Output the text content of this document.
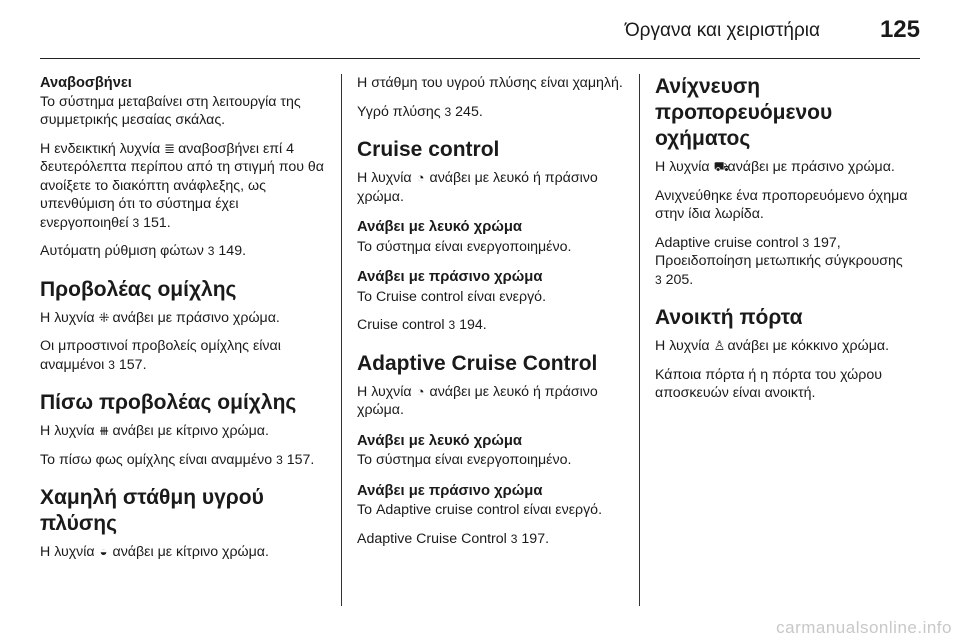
Όργανα και χειριστήρια 125
Αναβοσβήνει

Το σύστημα μεταβαίνει στη λειτουργία της συμμετρικής μεσαίας σκάλας.

Η ενδεικτική λυχνία ≣ αναβοσβήνει επί 4 δευτερόλεπτα περίπου από τη στιγμή που θα ανοίξετε το διακόπτη ανάφλεξης, ως υπενθύμιση ότι το σύστημα έχει ενεργοποιηθεί 3 151.

Αυτόματη ρύθμιση φώτων 3 149.

Προβολέας ομίχλης

Η λυχνία ⁜ ανάβει με πράσινο χρώμα.

Οι μπροστινοί προβολείς ομίχλης είναι αναμμένοι 3 157.

Πίσω προβολέας ομίχλης

Η λυχνία ⧻ ανάβει με κίτρινο χρώμα.

Το πίσω φως ομίχλης είναι αναμμένο 3 157.

Χαμηλή στάθμη υγρού πλύσης

Η λυχνία ◒ ανάβει με κίτρινο χρώμα.

Η στάθμη του υγρού πλύσης είναι χαμηλή.

Υγρό πλύσης 3 245.

Cruise control

Η λυχνία ◔ ανάβει με λευκό ή πράσινο χρώμα.

Ανάβει με λευκό χρώμα

Το σύστημα είναι ενεργοποιημένο.

Ανάβει με πράσινο χρώμα

Το Cruise control είναι ενεργό.

Cruise control 3 194.

Adaptive Cruise Control

Η λυχνία ◔ ανάβει με λευκό ή πράσινο χρώμα.

Ανάβει με λευκό χρώμα

Το σύστημα είναι ενεργοποιημένο.

Ανάβει με πράσινο χρώμα

Το Adaptive cruise control είναι ενεργό.

Adaptive Cruise Control 3 197.

Ανίχνευση προπορευόμενου οχήματος

Η λυχνία ⛟ ανάβει με πράσινο χρώμα.

Ανιχνεύθηκε ένα προπορευόμενο όχημα στην ίδια λωρίδα.

Adaptive cruise control 3 197, Προειδοποίηση μετωπικής σύγκρουσης
3 205.

Ανοικτή πόρτα

Η λυχνία ♙ ανάβει με κόκκινο χρώμα.

Κάποια πόρτα ή η πόρτα του χώρου αποσκευών είναι ανοικτή.

carmanualsonline.info
